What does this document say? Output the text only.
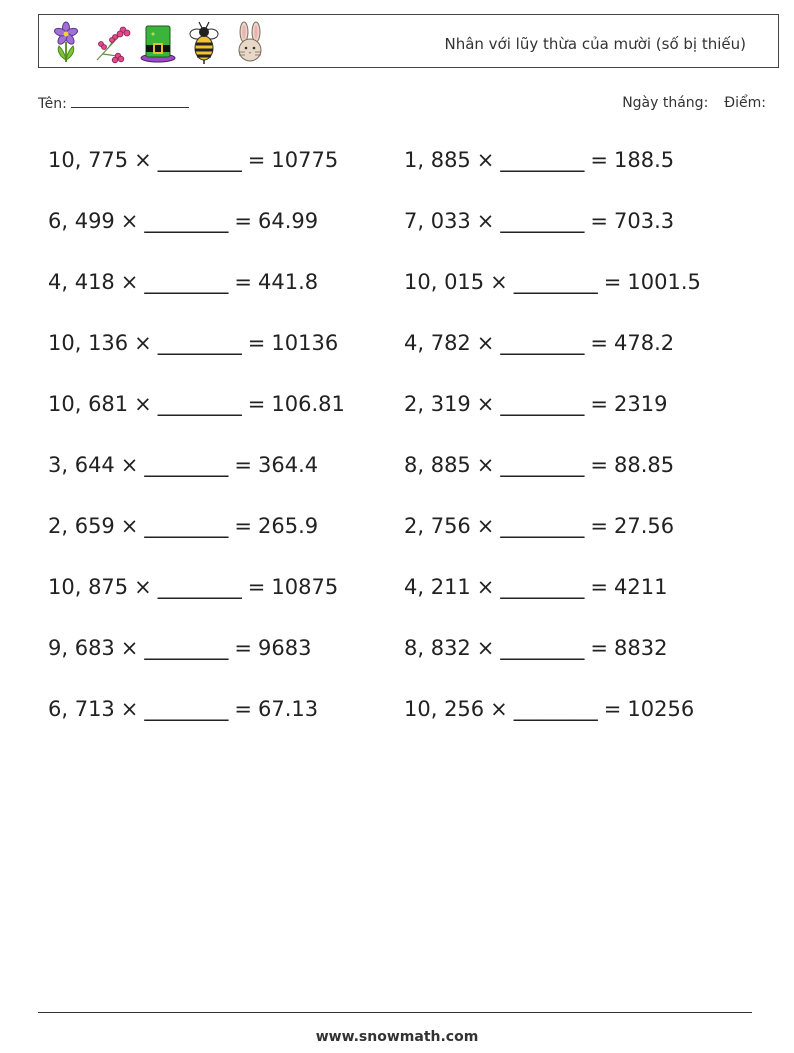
Nhân với lũy thừa của mười (số bị thiếu)
Tên:	Ngày tháng: Điểm:
10, 775 × ________ = 10775
6, 499 × ________ = 64.99
4, 418 × ________ = 441.8
10, 136 × ________ = 10136
10, 681 × ________ = 106.81
3, 644 × ________ = 364.4
2, 659 × ________ = 265.9
10, 875 × ________ = 10875
9, 683 × ________ = 9683
6, 713 × ________ = 67.13
1, 885 × ________ = 188.5
7, 033 × ________ = 703.3
10, 015 × ________ = 1001.5
4, 782 × ________ = 478.2
2, 319 × ________ = 2319
8, 885 × ________ = 88.85
2, 756 × ________ = 27.56
4, 211 × ________ = 4211
8, 832 × ________ = 8832
10, 256 × ________ = 10256
www.snowmath.com
